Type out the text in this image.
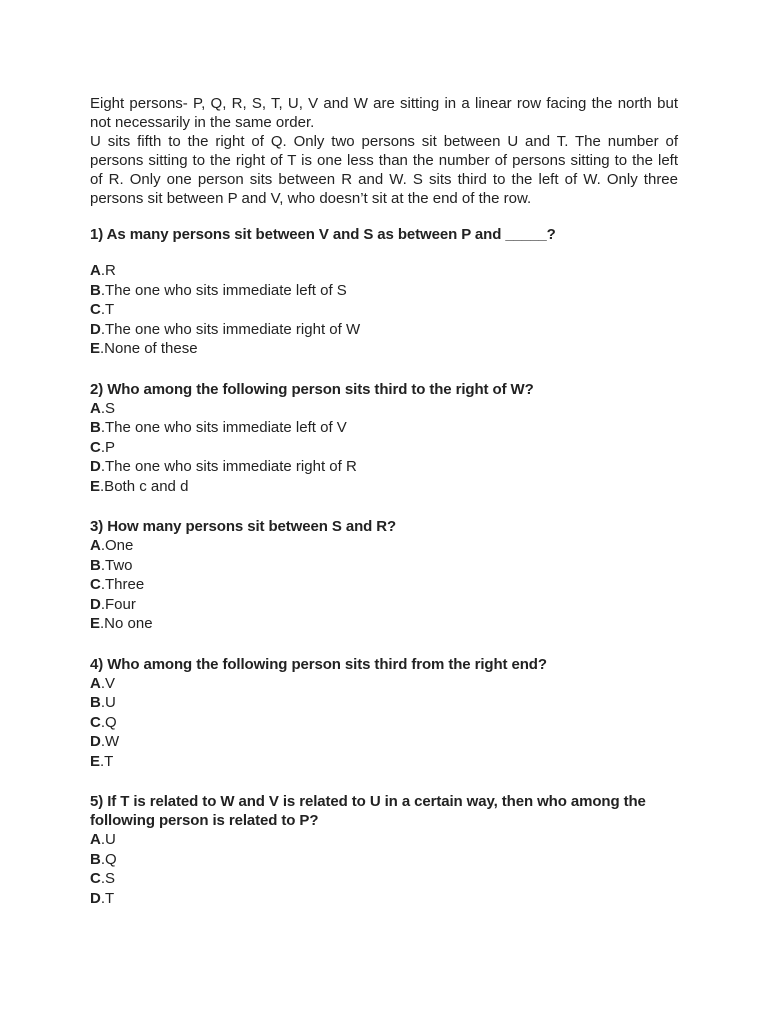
Eight persons- P, Q, R, S, T, U, V and W are sitting in a linear row facing the north but not necessarily in the same order.

U sits fifth to the right of Q. Only two persons sit between U and T. The number of persons sitting to the right of T is one less than the number of persons sitting to the left of R. Only one person sits between R and W. S sits third to the left of W. Only three persons sit between P and V, who doesn’t sit at the end of the row.

1) As many persons sit between V and S as between P and _____?

A.R
B.The one who sits immediate left of S
C.T
D.The one who sits immediate right of W
E.None of these

2) Who among the following person sits third to the right of W?

A.S
B.The one who sits immediate left of V
C.P
D.The one who sits immediate right of R
E.Both c and d

3) How many persons sit between S and R?

A.One
B.Two
C.Three
D.Four
E.No one

4) Who among the following person sits third from the right end?

A.V
B.U
C.Q
D.W
E.T

5) If T is related to W and V is related to U in a certain way, then who among the following person is related to P?

A.U
B.Q
C.S
D.T
